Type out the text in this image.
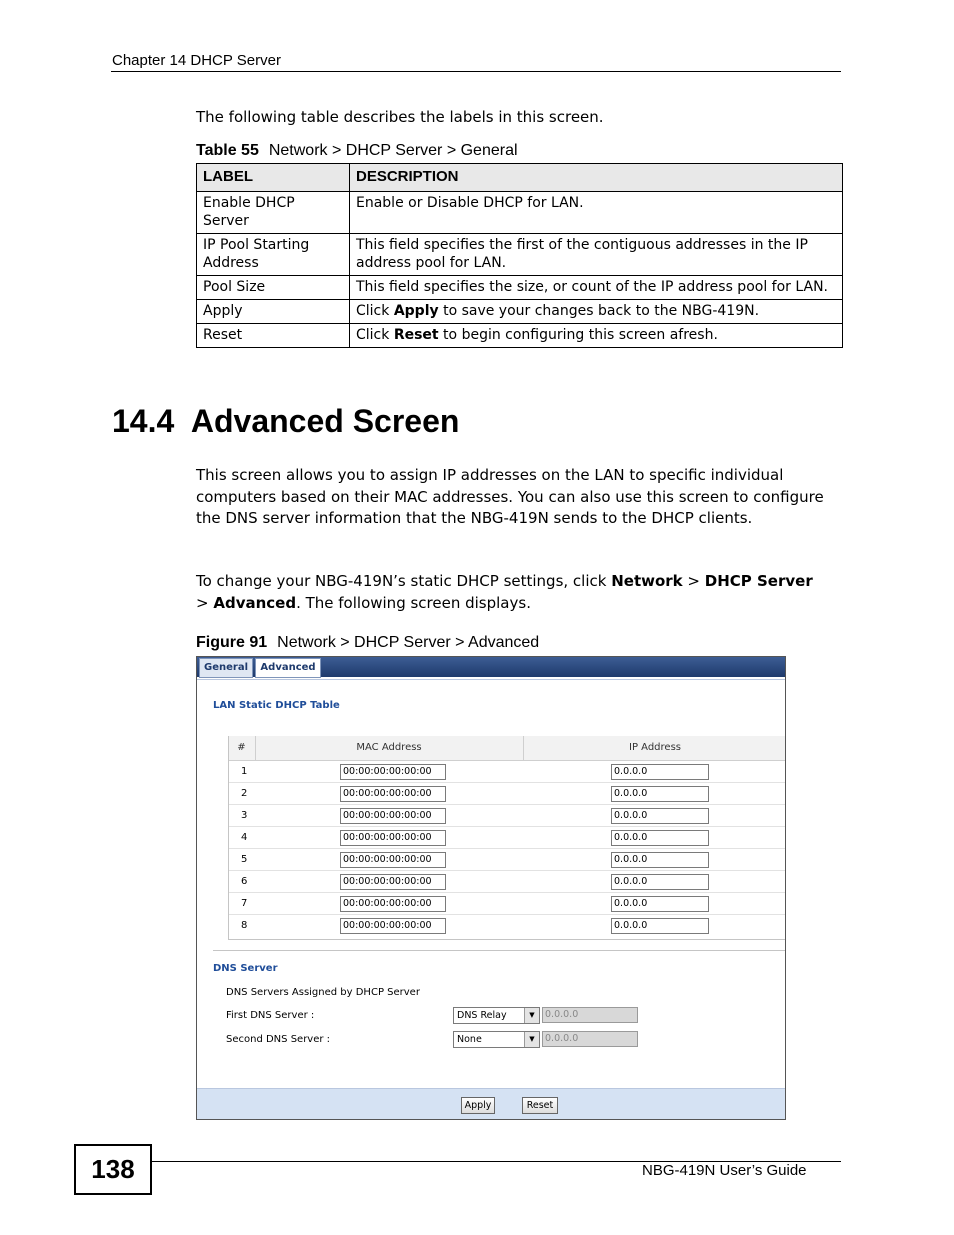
Chapter 14 DHCP Server
The following table describes the labels in this screen.
Table 55 Network > DHCP Server > General
LABEL	DESCRIPTION
Enable DHCP Server	Enable or Disable DHCP for LAN.
IP Pool Starting Address	This field specifies the first of the contiguous addresses in the IP address pool for LAN.
Pool Size	This field specifies the size, or count of the IP address pool for LAN.
Apply	Click Apply to save your changes back to the NBG-419N.
Reset	Click Reset to begin configuring this screen afresh.
14.4  Advanced Screen
This screen allows you to assign IP addresses on the LAN to specific individual computers based on their MAC addresses. You can also use this screen to configure the DNS server information that the NBG-419N sends to the DHCP clients.
To change your NBG-419N’s static DHCP settings, click Network > DHCP Server
> Advanced. The following screen displays.
Figure 91 Network > DHCP Server > Advanced
General	Advanced
LAN Static DHCP Table
#	MAC Address	IP Address
1	00:00:00:00:00:00	0.0.0.0
2	00:00:00:00:00:00	0.0.0.0
3	00:00:00:00:00:00	0.0.0.0
4	00:00:00:00:00:00	0.0.0.0
5	00:00:00:00:00:00	0.0.0.0
6	00:00:00:00:00:00	0.0.0.0
7	00:00:00:00:00:00	0.0.0.0
8	00:00:00:00:00:00	0.0.0.0
DNS Server
DNS Servers Assigned by DHCP Server
First DNS Server :	DNS Relay	▼	0.0.0.0
Second DNS Server :	None	▼	0.0.0.0
Apply	Reset
138	NBG-419N User’s Guide
